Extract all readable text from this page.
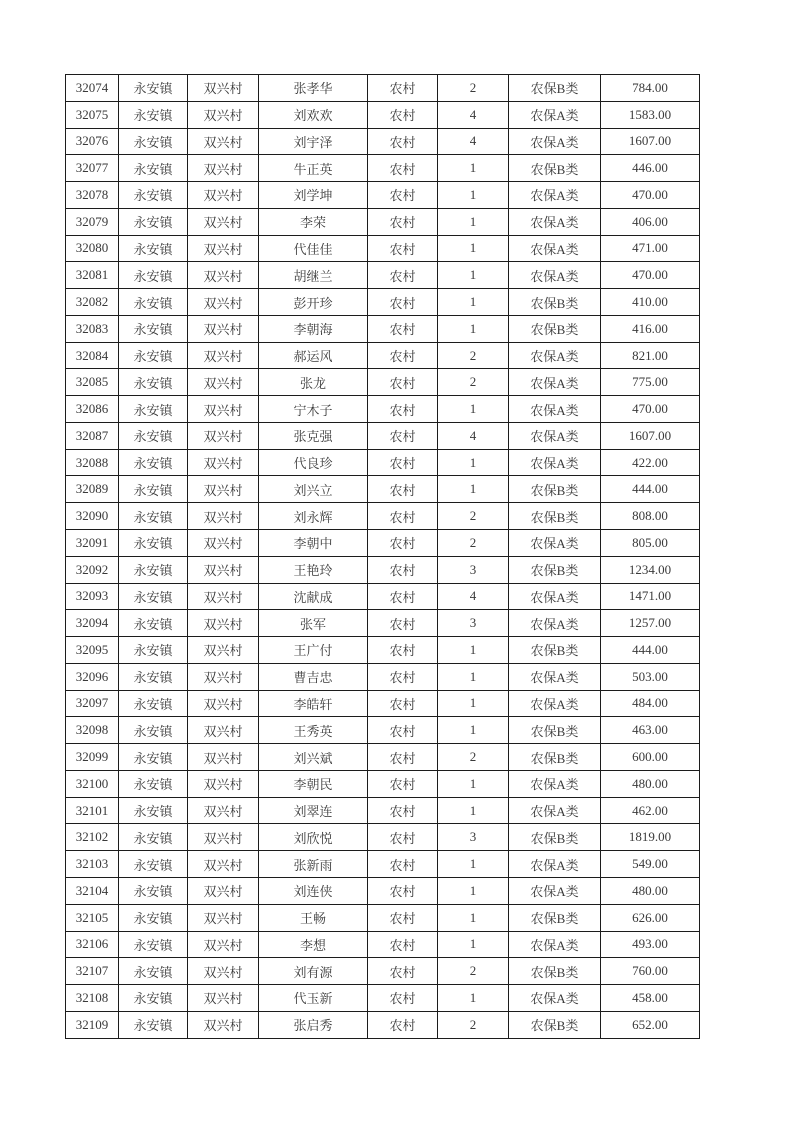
32074	永安镇	双兴村	张孝华	农村	2	农保B类	784.00
32075	永安镇	双兴村	刘欢欢	农村	4	农保A类	1583.00
32076	永安镇	双兴村	刘宇泽	农村	4	农保A类	1607.00
32077	永安镇	双兴村	牛正英	农村	1	农保B类	446.00
32078	永安镇	双兴村	刘学坤	农村	1	农保A类	470.00
32079	永安镇	双兴村	李荣	农村	1	农保A类	406.00
32080	永安镇	双兴村	代佳佳	农村	1	农保A类	471.00
32081	永安镇	双兴村	胡继兰	农村	1	农保A类	470.00
32082	永安镇	双兴村	彭开珍	农村	1	农保B类	410.00
32083	永安镇	双兴村	李朝海	农村	1	农保B类	416.00
32084	永安镇	双兴村	郝运风	农村	2	农保A类	821.00
32085	永安镇	双兴村	张龙	农村	2	农保A类	775.00
32086	永安镇	双兴村	宁木子	农村	1	农保A类	470.00
32087	永安镇	双兴村	张克强	农村	4	农保A类	1607.00
32088	永安镇	双兴村	代良珍	农村	1	农保A类	422.00
32089	永安镇	双兴村	刘兴立	农村	1	农保B类	444.00
32090	永安镇	双兴村	刘永辉	农村	2	农保B类	808.00
32091	永安镇	双兴村	李朝中	农村	2	农保A类	805.00
32092	永安镇	双兴村	王艳玲	农村	3	农保B类	1234.00
32093	永安镇	双兴村	沈献成	农村	4	农保A类	1471.00
32094	永安镇	双兴村	张军	农村	3	农保A类	1257.00
32095	永安镇	双兴村	王广付	农村	1	农保B类	444.00
32096	永安镇	双兴村	曹吉忠	农村	1	农保A类	503.00
32097	永安镇	双兴村	李皓轩	农村	1	农保A类	484.00
32098	永安镇	双兴村	王秀英	农村	1	农保B类	463.00
32099	永安镇	双兴村	刘兴斌	农村	2	农保B类	600.00
32100	永安镇	双兴村	李朝民	农村	1	农保A类	480.00
32101	永安镇	双兴村	刘翠连	农村	1	农保A类	462.00
32102	永安镇	双兴村	刘欣悦	农村	3	农保B类	1819.00
32103	永安镇	双兴村	张新雨	农村	1	农保A类	549.00
32104	永安镇	双兴村	刘连侠	农村	1	农保A类	480.00
32105	永安镇	双兴村	王畅	农村	1	农保B类	626.00
32106	永安镇	双兴村	李想	农村	1	农保A类	493.00
32107	永安镇	双兴村	刘有源	农村	2	农保B类	760.00
32108	永安镇	双兴村	代玉新	农村	1	农保A类	458.00
32109	永安镇	双兴村	张启秀	农村	2	农保B类	652.00
